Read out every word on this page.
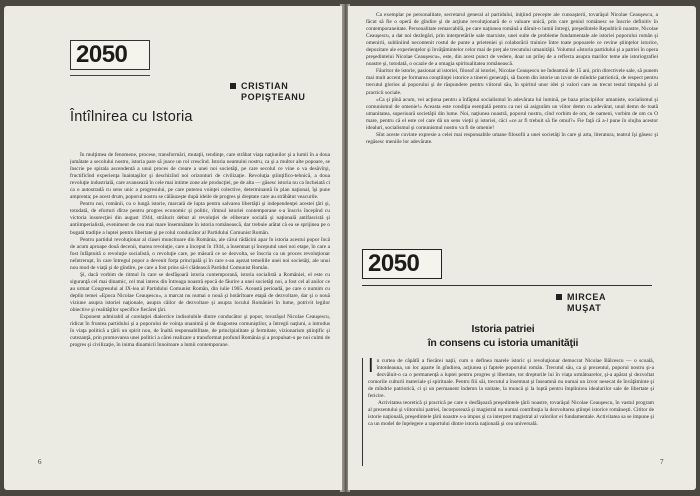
2050
CRISTIAN
POPIŞTEANU
Întîlnirea cu Istoria

În mulţimea de fenomene, procese, transformări, mutaţii, tendinţe, care străbat viaţa naţiunilor şi a lumii în a doua jumătate a secolului nostru, istoria pare să joace un rol crescînd. Istoria neamului nostru, ca şi a multor alte popoare, se înscrie pe spirala ascendentă a unui proces de creare a unei noi societăţi, pe care secolul ce vine o va desăvîrşi, fructificînd experienţa înaintaşilor şi deschizînd noi orizonturi de civilizaţie. Revoluţia ştiinţifico-tehnică, a doua revoluţie industrială, care avansează în cele mai intime zone ale producţiei, pe de alta — găsesc istoria nu ca încheiată ci ca o autostradă cu sens unic a progresului, pe care puterea voinţei colective, determinantă în plan naţional, îşi pune amprenta; pe acest drum, poporul nostru se călăuzeşte după ideile de progres şi dreptate care au străbătut veacurile.

Pentru noi, românii, cu o lungă istorie, marcată de lupta pentru salvarea libertăţii şi independenţei acestei ţări şi, totodată, de eforturi dîrze pentru progres economic şi politic, rîmnul istoriei contemporane s-a înscris începînd cu victoria insurecţiei din august 1944, strălucit debut al revoluţiei de eliberare socială şi naţională antifascistă şi antiimperialistă, eveniment de cea mai mare însemnătate în istoria românească, dar trebuie arătat că ea se sprijinea pe o bogată tradiţie a luptei pentru libertate şi pe rolul conducător al Partidului Comunist Român.

Pentru partidul revoluţionar al clasei muncitoare din România, ale cărui rădăcini apar în istoria acestui popor încă de acum aproape două decenii, marea revoluţie, care a început în 1944, a însemnat şi începutul unei noi etape, în care a fost înfăptuită o revoluţie socialistă, o revoluţie care, pe măsură ce se dezvolta, se înscria ca un proces revoluţionar neîntrerupt, în care întregul popor a devenit forţa principală şi în care s-au aşezat temeliile unei noi societăţi, ale unui nou mod de viaţă şi de gîndire, pe care a fost prins să-l clădească Partidul Comunist Român.

Şi, dacă vorbim de ritmul în care se desfăşoară istoria contemporană, istoria socialistă a României, el este cu siguranţă cel mai dinamic, cel mai intens din întreaga noastră epocă de făurire a unei societăţi noi, a fost cel al anilor ce au urmat Congresului al IX-lea al Partidului Comunist Român, din iulie 1965. Această perioadă, pe care o numim cu deplin temei «Epoca Nicolae Ceauşescu», a marcat nu numai o nouă şi hotărîtoare etapă de dezvoltare, dar şi o nouă viziune asupra istoriei naţionale, asupra căilor de dezvoltare şi asupra locului României în lume, potrivit legilor obiective şi realităţilor specifice fiecărei ţări.

Exponent admirabil al corelaţiei dialectice indisolubile dintre conducător şi popor, tovarăşul Nicolae Ceauşescu, ridicat în fruntea partidului şi a poporului de voinţa unanimă şi de dragostea comuniştilor, a întregii naţiuni, a introdus în viaţa politică a ţării un spirit nou, de înaltă responsabilitate, de principialitate şi fermitate, vizionarism ştiinţific şi cutezanţă, prin promovarea unei politici a cărei realizare a transformat profund România şi a propulsat-o pe noi culmi de progres şi civilizaţie, în inima dinamicii înnoitoare a lumii contemporane.

6

Ca exemplar pe personalitate, secretarul general al partidului, iniţiind precepte ale cunoaşterii, tovarăşul Nicolae Ceauşescu, a făcut să fie o operă de gîndire şi de acţiune revoluţionară de o valoare unică, prin care geniul românesc se înscrie definitiv în contemporaneitate. Personalitate remarcabilă, pe care naţiunea română a dăruit-o lumii întregi, preşedintele Republicii noastre, Nicolae Ceauşescu, a dat noi dezlegări, prin interpretările sale marxiste, unei suite de probleme fundamentale ale istoriei poporului român şi omenirii, subliniind necontenit rostul de punte a prieteniei şi colaborării trainice între toate popoarele ce revine ştiinţelor istorice, depozitare ale experienţelor şi învăţămintelor celor mai de preţ ale trecutului umanităţii. Volumul «Istoria partidului şi a patriei în opera preşedintelui Nicolae Ceauşescu», este, din acest punct de vedere, doar un prilej de a reflecta asupra marilor teme ale istoriografiei noastre şi, totodată, o ocazie de a omagia spiritualitatea românească.

Făuritor de istorie, pasionat al istoriei, filosof al istoriei, Nicolae Ceauşescu ne îndeamnă de 15 ani, prin directivele sale, să punem mai mult accent pe formarea conştiinţei istorice a tinerei generaţii, să facem din istorie un izvor de mîndrie patriotică, de respect pentru trecutul glorios al poporului şi de răspundere pentru viitorul său, în spiritul unor idei şi valori care au trecut testul timpului şi al practicii sociale.

«Ca şi pînă acum, vei acţiona pentru a înfăptui socialismul în adevărata lui lumină, pe baza principiilor umaniste, socialismul şi comunismul de omenie!» Aceasta este condiţia esenţială pentru ca noi să asigurăm un viitor demn cu adevărat, unul demn de toată umanitatea, superioară societăţii din lume. Noi, naţiunea noastră, poporul nostru, cînd vorbim de om, de oameni, vorbim de om cu O mare, pentru că el este cel care dă un sens vieţii şi istoriei, căci «ce ar fi trebuit să fie omul?» Fie faţă că a-l pune în slujba acestor idealuri, socialismul şi comunismul nostru va fi de omenie!

Sînt aceste cuvinte expresie a celei mai responsabile umane filosofii a unei societăţi în care şi arta, literatura, teatrul îşi găsesc şi regăsesc meniile lor adevărate.

2050
MIRCEA
MUŞAT
Istoria patriei
în consens cu istoria umanităţii
I n curtea de căpătîi a fiecărei naţii, cum o definea marele istoric şi revoluţionar democrat Nicolae Bălcescu — o scoală, întotdeauna, un loc aparte în gîndirea, acţiunea şi faptele poporului român. Trecutul său, ca şi prezentul, poporul nostru şi-a dezvăluit-o ca o permanenţă a luptei pentru progres şi libertate, tot drepturile lui în viaţa următoarelor, şi-a apărat şi dezvoltat comorile culturii materiale şi spirituale. Pentru fiii săi, trecutul a însemnat şi înseamnă nu numai un izvor nesecat de învăţăminte şi de mîndrie patriotică, ci şi un permanent îndemn la unitate, la muncă şi la luptă pentru împlinirea idealurilor sale de libertate şi fericire.

Activitatea teoretică şi practică pe care o desfăşoară preşedintele ţării noastre, tovarăşul Nicolae Ceauşescu, în vastul program al prezentului şi viitorului patriei, încorporează şi magistral nu numai contribuţia la dezvoltarea ştiinţei istorice româneşti. Cititor de istorie naţională, preşedintele ţării noastre s-a impus şi ca interpret magistral al valorilor ei fundamentale. Activitatea sa se impune şi ca un model de înţelegere a raportului dintre istoria naţională şi cea universală.

7
